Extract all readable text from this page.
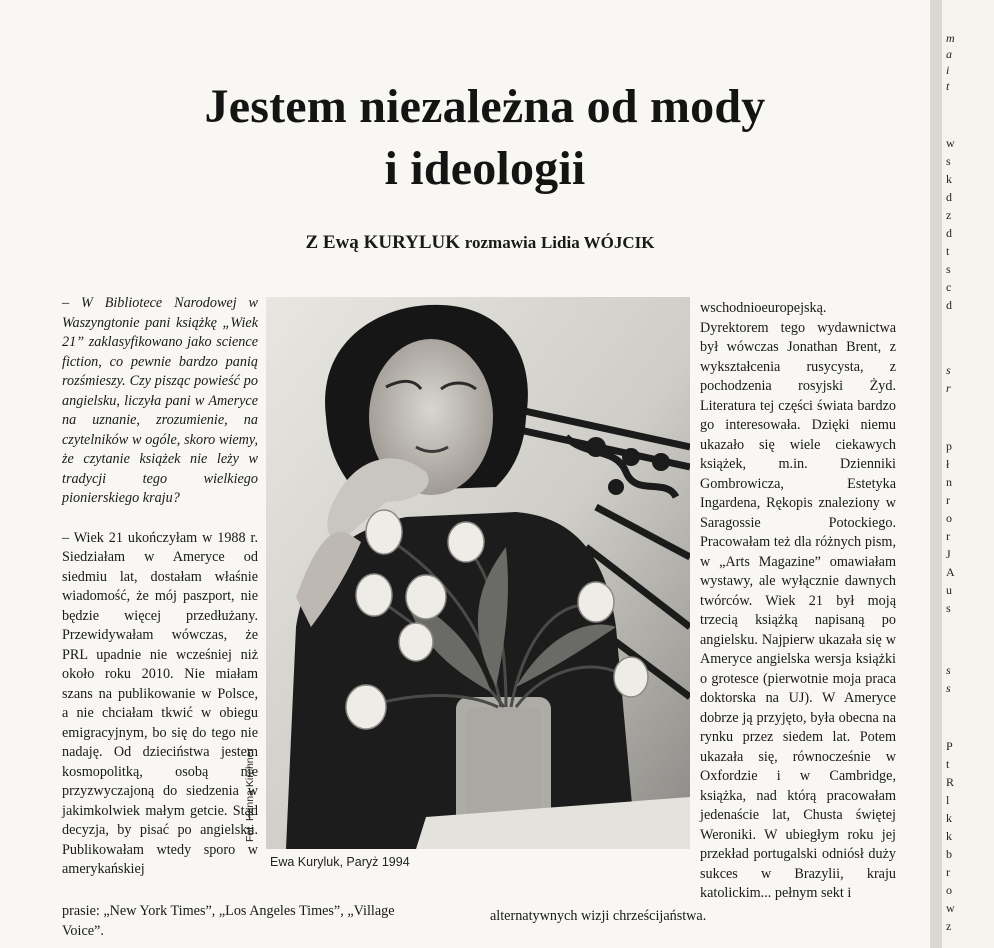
Jestem niezależna od mody
i ideologii
Z Ewą KURYLUK rozmawia Lidia WÓJCIK

– W Bibliotece Narodowej w Waszyngtonie pani książkę „Wiek 21” zaklasyfikowano jako science fiction, co pewnie bardzo panią rozśmieszy. Czy pisząc powieść po angielsku, liczyła pani w Ameryce na uznanie, zrozumienie, na czytelników w ogóle, skoro wiemy, że czytanie książek nie leży w tradycji tego wielkiego pionierskiego kraju?

– Wiek 21 ukończyłam w 1988 r. Siedziałam w Ameryce od siedmiu lat, dostałam właśnie wiadomość, że mój paszport, nie będzie więcej przedłużany. Przewidywałam wówczas, że PRL upadnie nie wcześniej niż około roku 2010. Nie miałam szans na publikowanie w Polsce, a nie chciałam tkwić w obiegu emigracyjnym, bo się do tego nie nadaję. Od dzieciństwa jestem kosmopolitką, osobą nie przyzwyczajoną do siedzenia w jakimkolwiek małym getcie. Stąd decyzja, by pisać po angielsku. Publikowałam wtedy sporo w amerykańskiej

Fot. Hanna Kirchner
Ewa Kuryluk, Paryż 1994

wschodnioeuropejską. Dyrektorem tego wydawnictwa był wówczas Jonathan Brent, z wykształcenia rusycysta, z pochodzenia rosyjski Żyd. Literatura tej części świata bardzo go interesowała. Dzięki niemu ukazało się wiele ciekawych książek, m.in. Dzienniki Gombrowicza, Estetyka Ingardena, Rękopis znaleziony w Saragossie Potockiego. Pracowałam też dla różnych pism, w „Arts Magazine” omawiałam wystawy, ale wyłącznie dawnych twórców. Wiek 21 był moją trzecią książką napisaną po angielsku. Najpierw ukazała się w Ameryce angielska wersja książki o grotesce (pierwotnie moja praca doktorska na UJ). W Ameryce dobrze ją przyjęto, była obecna na rynku przez siedem lat. Potem ukazała się, równocześnie w Oxfordzie i w Cambridge, książka, nad którą pracowałam jedenaście lat, Chusta świętej Weroniki. W ubiegłym roku jej przekład portugalski odniósł duży sukces w Brazylii, kraju katolickim... pełnym sekt i

prasie: „New York Times”, „Los Angeles Times”, „Village
Voice”.
alternatywnych wizji chrześcijaństwa.
m
a
i
t
w
s
k
d
z
d
t
s
c
d
s
r
p
ł
n
r
o
r
J
A
u
s
s
s
P
t
R
l
k
k
b
r
o
w
z
